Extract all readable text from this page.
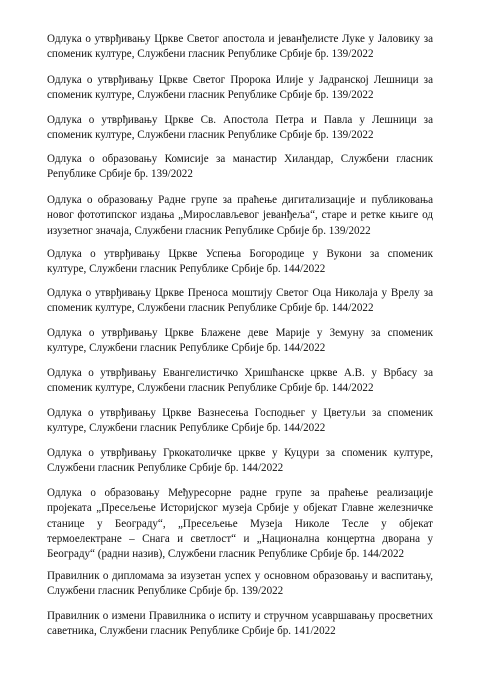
Одлука о утврђивању Цркве Светог апостола и јеванђелисте Луке у Јаловику за
споменик културе, Службени гласник Републике Србије бр. 139/2022

Одлука о утврђивању Цркве Светог Пророка Илије у Јадранској Лешници за
споменик културе, Службени гласник Републике Србије бр. 139/2022

Одлука о утврђивању Цркве Св. Апостола Петра и Павла у Лешници за
споменик културе, Службени гласник Републике Србије бр. 139/2022

Одлука о образовању Комисије за манастир Хиландар, Службени гласник
Републике Србије бр. 139/2022

Одлука о образовању Радне групе за праћење дигитализације и публиковања
новог фототипског издања „Мирослављевог јеванђеља“, старе и ретке књиге од
изузетног значаја, Службени гласник Републике Србије бр. 139/2022

Одлука о утврђивању Цркве Успења Богородице у Вукони за споменик
културе, Службени гласник Републике Србије бр. 144/2022

Одлука о утврђивању Цркве Преноса моштију Светог Оца Николаја у Врелу за
споменик културе, Службени гласник Републике Србије бр. 144/2022

Одлука о утврђивању Цркве Блажене деве Марије у Земуну за споменик
културе, Службени гласник Републике Србије бр. 144/2022

Одлука о утврђивању Евангелистичко Хришћанске цркве А.В. у Врбасу за
споменик културе, Службени гласник Републике Србије бр. 144/2022

Одлука о утврђивању Цркве Вазнесења Господњег у Цветуљи за споменик
културе, Службени гласник Републике Србије бр. 144/2022

Одлука о утврђивању Гркокатоличке цркве у Куцури за споменик културе,
Службени гласник Републике Србије бр. 144/2022

Одлука о образовању Међуресорне радне групе за праћење реализације
пројеката „Пресељење Историјског музеја Србије у објекат Главне железничке
станице у Београду“, „Пресељење Музеја Николе Тесле у објекат
термоелектране – Снага и светлост“ и „Национална концертна дворана у
Београду“ (радни назив), Службени гласник Републике Србије бр. 144/2022

Правилник о дипломама за изузетан успех у основном образовању и васпитању,
Службени гласник Републике Србије бр. 139/2022

Правилник о измени Правилника о испиту и стручном усавршавању просветних
саветника, Службени гласник Републике Србије бр. 141/2022
